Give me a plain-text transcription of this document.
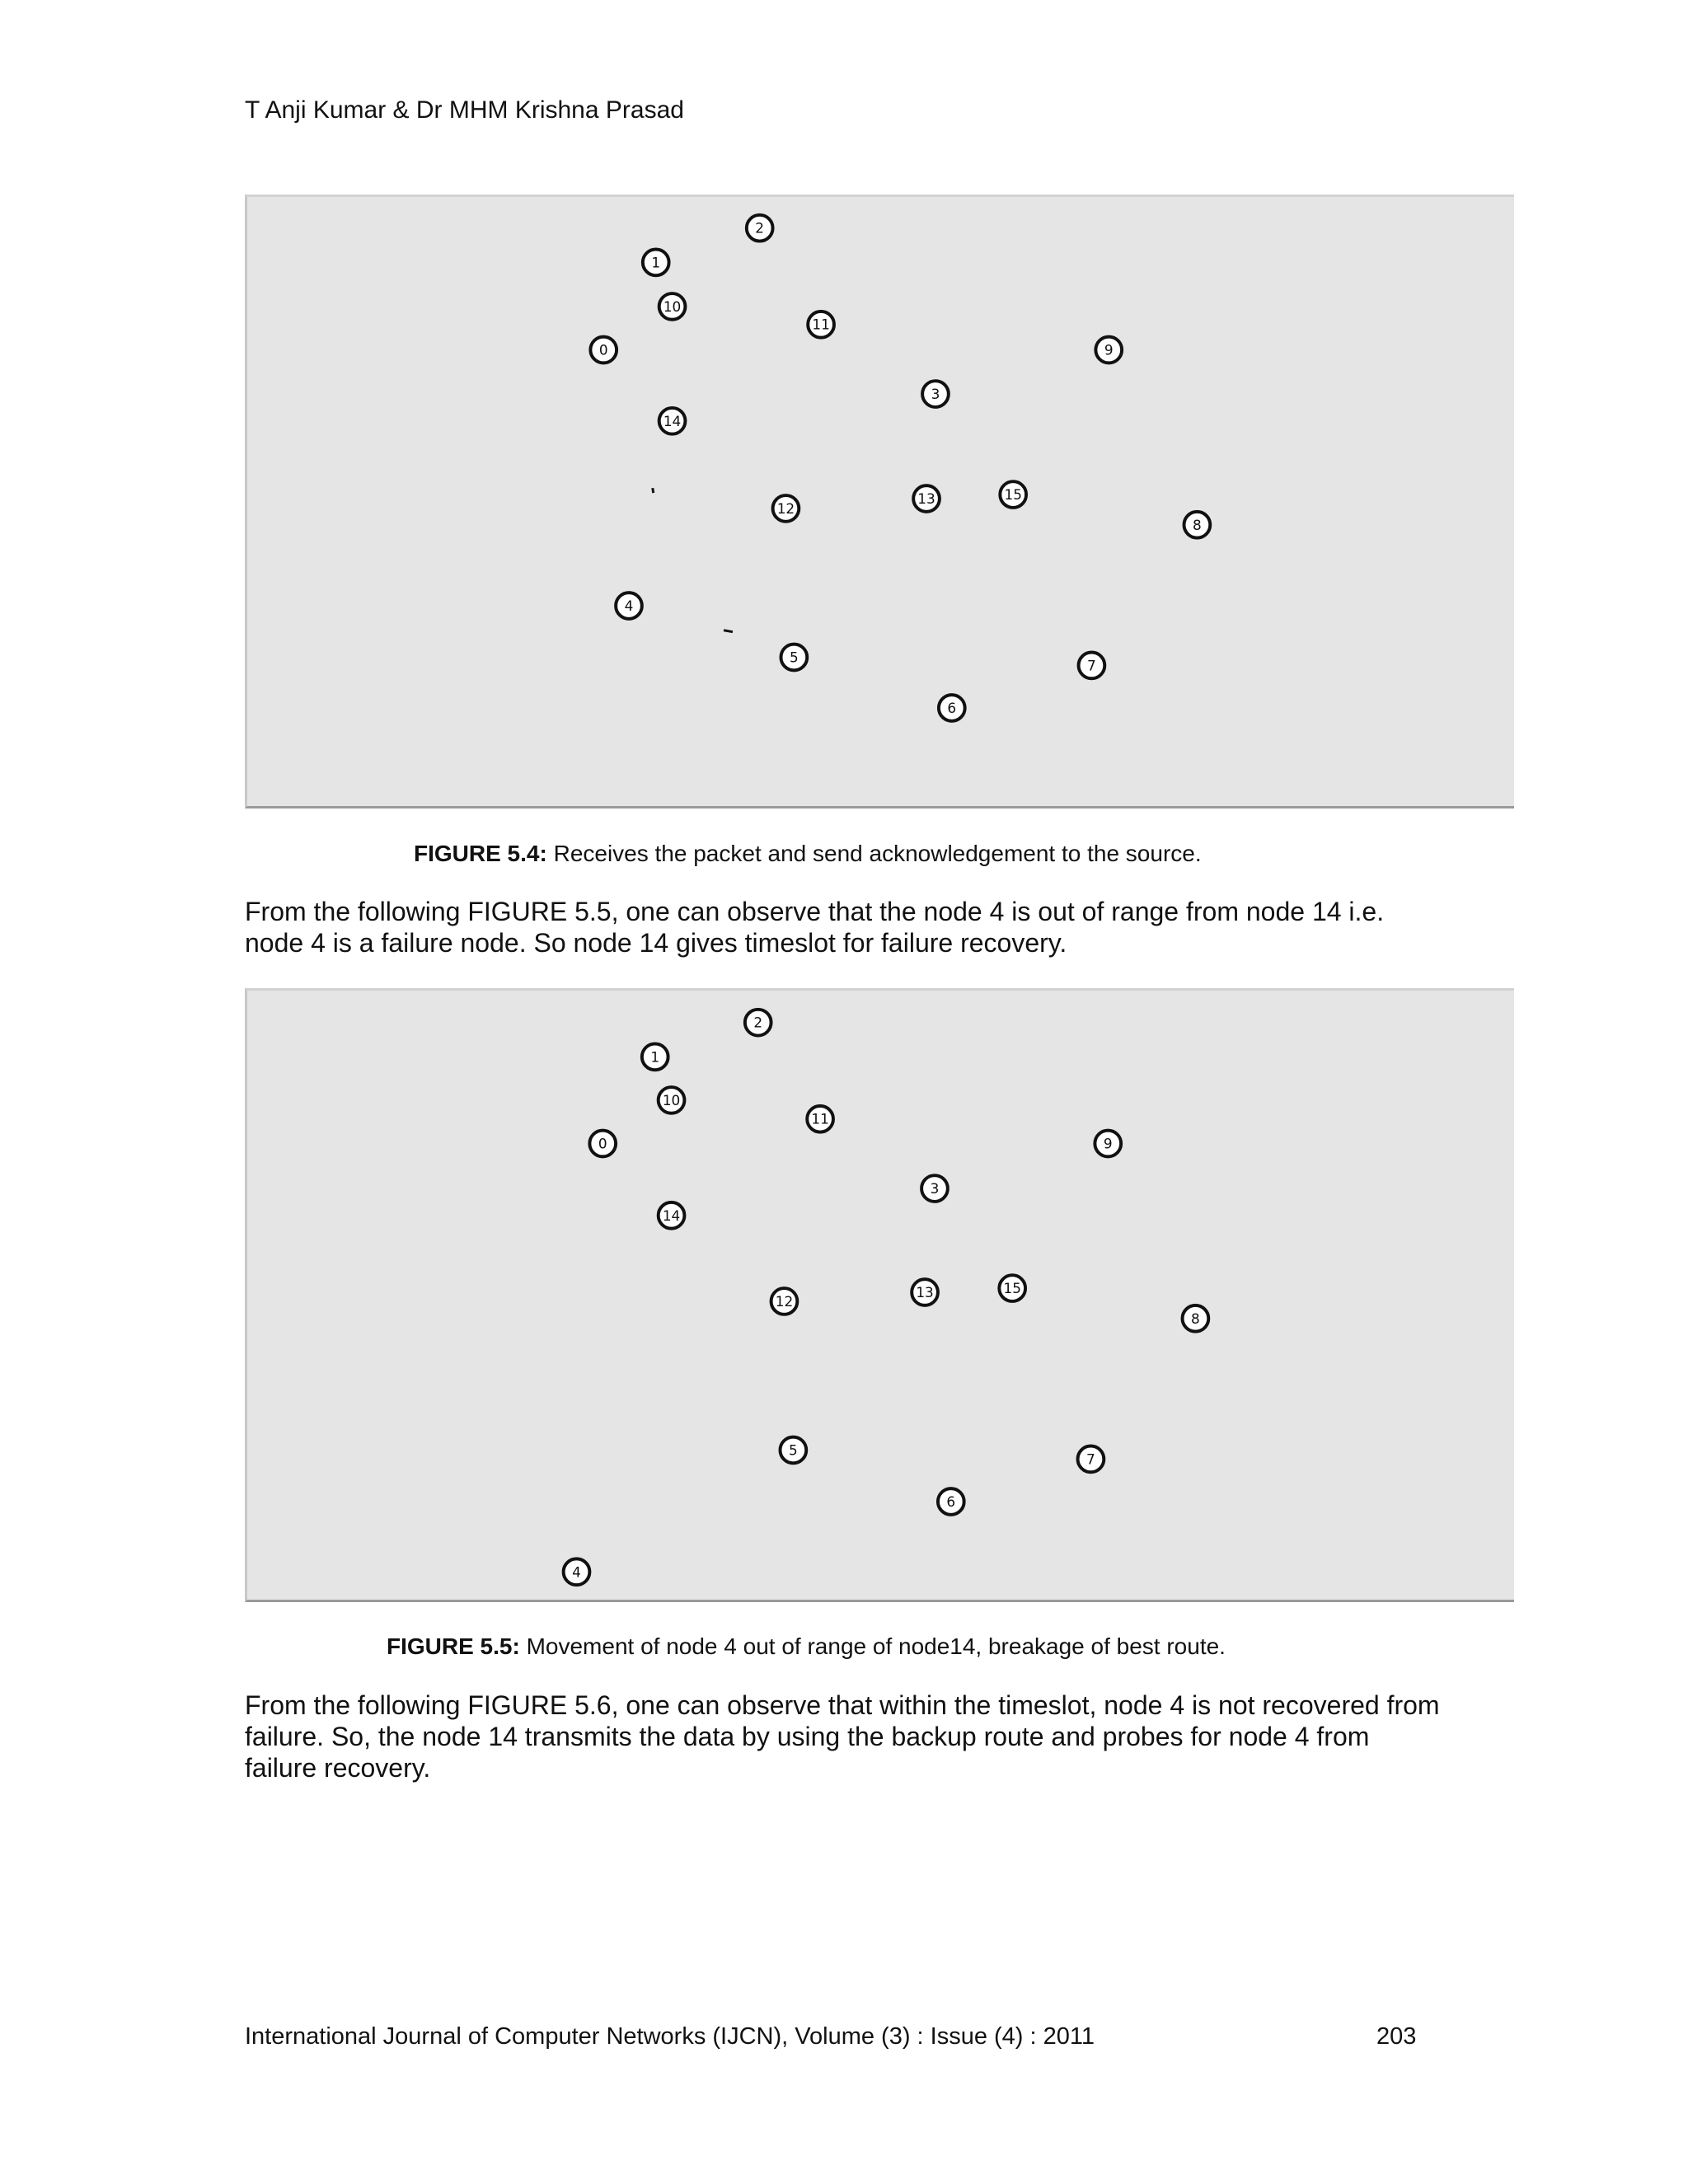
T Anji Kumar & Dr MHM Krishna Prasad
2
1
10
11
0	9
3
14
12
13	15
8
4
5	7
6
FIGURE 5.4: Receives the packet and send acknowledgement to the source.
From the following FIGURE 5.5, one can observe that the node 4 is out of range from node 14 i.e. node 4 is a failure node. So node 14 gives timeslot for failure recovery.
2
1
10
11
0	9
3
14
12
13	15
8
5
7
6
4
FIGURE 5.5: Movement of node 4 out of range of node14, breakage of best route.
From the following FIGURE 5.6, one can observe that within the timeslot, node 4 is not recovered from failure. So, the node 14 transmits the data by using the backup route and probes for node 4 from failure recovery.
International Journal of Computer Networks (IJCN), Volume (3) : Issue (4) : 2011	203
